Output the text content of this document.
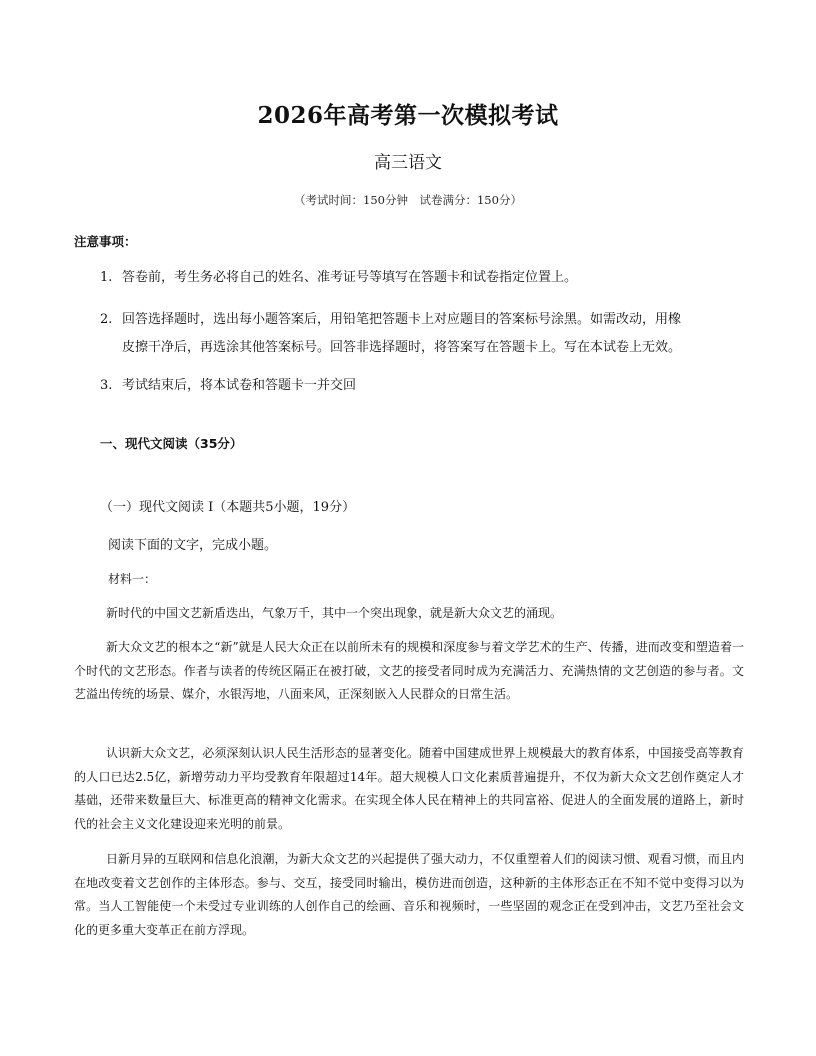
2026年高考第一次模拟考试
高三语文
（考试时间：150分钟　试卷满分：150分）
注意事项：
1. 答卷前，考生务必将自己的姓名、准考证号等填写在答题卡和试卷指定位置上。
2. 回答选择题时，选出每小题答案后，用铅笔把答题卡上对应题目的答案标号涂黑。如需改动，用橡
皮擦干净后，再选涂其他答案标号。回答非选择题时，将答案写在答题卡上。写在本试卷上无效。
3. 考试结束后，将本试卷和答题卡一并交回
一、现代文阅读（35分）
（一）现代文阅读 I（本题共5小题，19分）
阅读下面的文字，完成小题。
材料一：
新时代的中国文艺新盾迭出，气象万千，其中一个突出现象，就是新大众文艺的涌现。
新大众文艺的根本之“新”就是人民大众正在以前所未有的规模和深度参与着文学艺术的生产、传播，进而改变和塑造着一个时代的文艺形态。作者与读者的传统区隔正在被打破，文艺的接受者同时成为充满活力、充满热情的文艺创造的参与者。文艺溢出传统的场景、媒介，水银泻地，八面来风，正深刻嵌入人民群众的日常生活。
认识新大众文艺，必须深刻认识人民生活形态的显著变化。随着中国建成世界上规模最大的教育体系，中国接受高等教育的人口已达2.5亿，新增劳动力平均受教育年限超过14年。超大规模人口文化素质普遍提升，不仅为新大众文艺创作奠定人才基础，还带来数量巨大、标准更高的精神文化需求。在实现全体人民在精神上的共同富裕、促进人的全面发展的道路上，新时代的社会主义文化建设迎来光明的前景。
日新月异的互联网和信息化浪潮，为新大众文艺的兴起提供了强大动力，不仅重塑着人们的阅读习惯、观看习惯，而且内在地改变着文艺创作的主体形态。参与、交互，接受同时输出，模仿进而创造，这种新的主体形态正在不知不觉中变得习以为常。当人工智能使一个未受过专业训练的人创作自己的绘画、音乐和视频时，一些坚固的观念正在受到冲击，文艺乃至社会文化的更多重大变革正在前方浮现。
